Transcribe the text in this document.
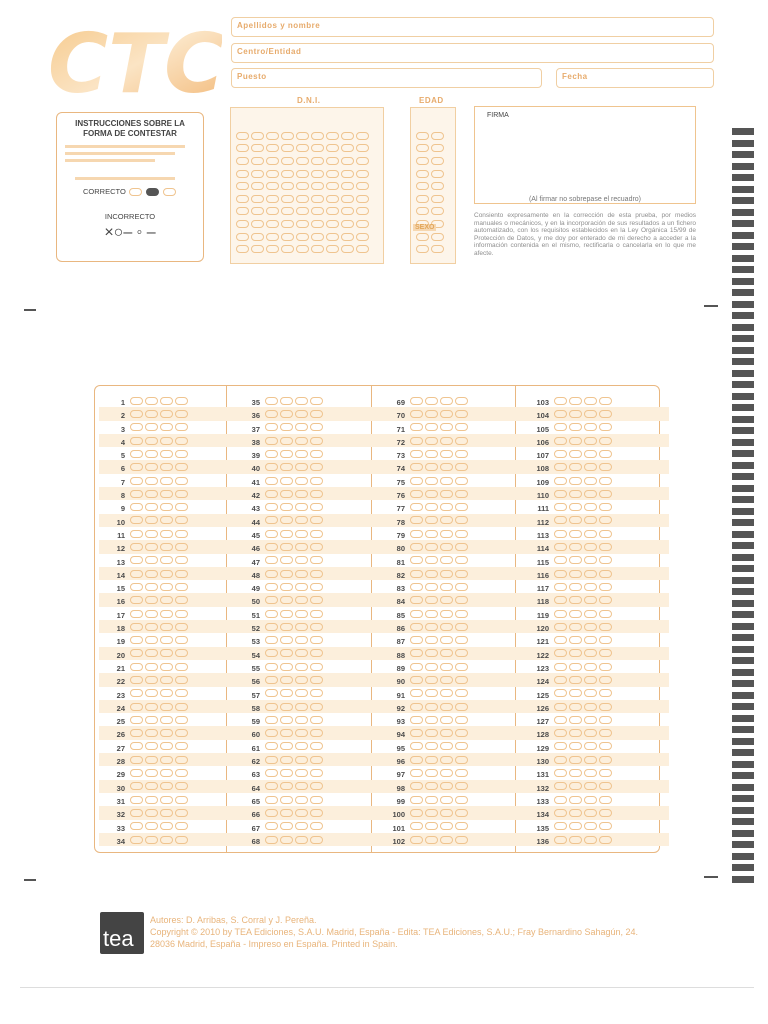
CTC Apellidos y nombre
Centro/Entidad
Puesto	Fecha
INSTRUCCIONES SOBRE LA
FORMA DE CONTESTAR
CORRECTO
INCORRECTO
×○– ◦ –
D.N.I.	EDAD
SEXO
FIRMA
(Al firmar no sobrepase el recuadro)
Consiento expresamente en la corrección de esta prueba, por medios manuales o mecánicos, y en la incorporación de sus resultados a un fichero automatizado, con los requisitos establecidos en la Ley Orgánica 15/99 de Protección de Datos, y me doy por enterado de mi derecho a acceder a la información contenida en el mismo, rectificarla o cancelarla en lo que me afecte.
1
2
3
4
5
6
7
8
9
10
11
12
13
14
15
16
17
18
19
20
21
22
23
24
25
26
27
28
29
30
31
32
33
34
35
36
37
38
39
40
41
42
43
44
45
46
47
48
49
50
51
52
53
54
55
56
57
58
59
60
61
62
63
64
65
66
67
68
69
70
71
72
73
74
75
76
77
78
79
80
81
82
83
84
85
86
87
88
89
90
91
92
93
94
95
96
97
98
99
100
101
102
103
104
105
106
107
108
109
110
111
112
113
114
115
116
117
118
119
120
121
122
123
124
125
126
127
128
129
130
131
132
133
134
135
136
tea
Autores: D. Arribas, S. Corral y J. Pereña.
Copyright © 2010 by TEA Ediciones, S.A.U. Madrid, España - Edita: TEA Ediciones, S.A.U.; Fray Bernardino Sahagún, 24.
28036 Madrid, España - Impreso en España. Printed in Spain.
